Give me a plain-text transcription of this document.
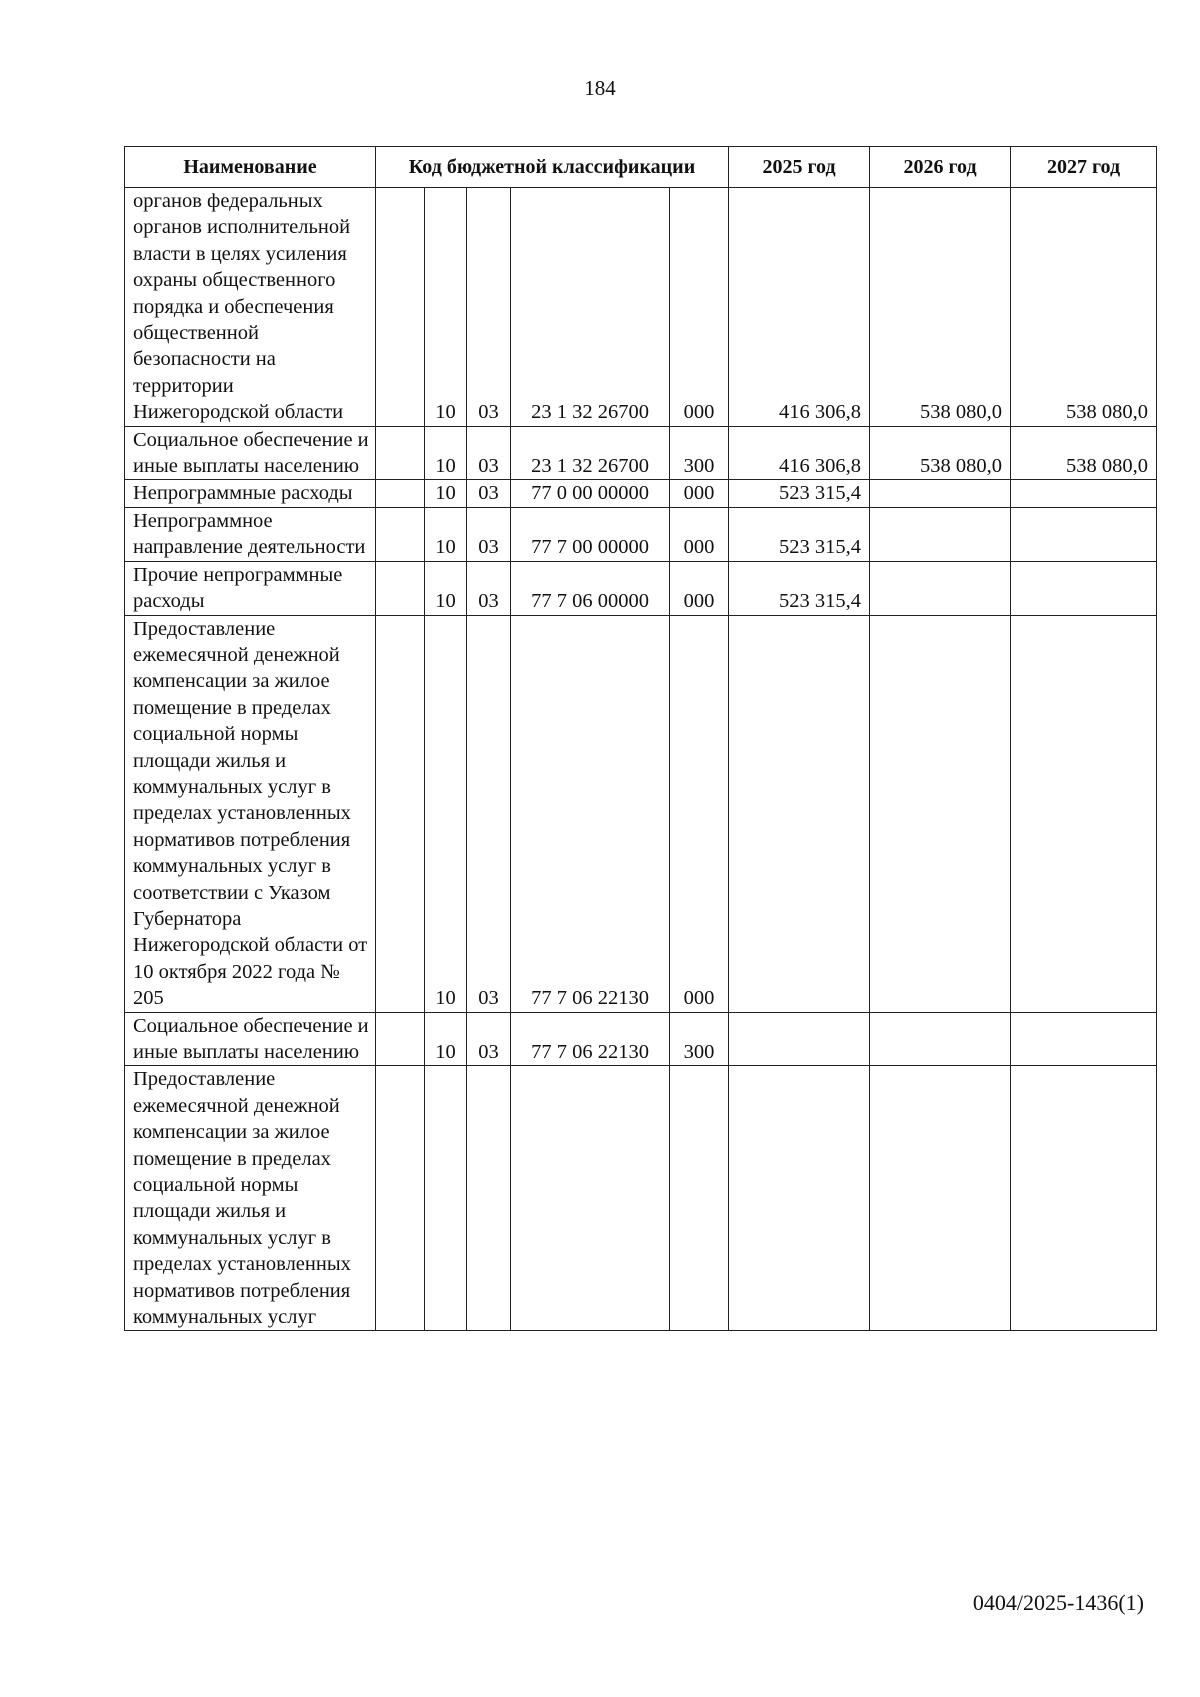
184
Наименование	Код бюджетной классификации					2025 год	2026 год	2027 год
органов федеральных органов исполнительной власти в целях усиления охраны общественного порядка и обеспечения общественной безопасности на территории Нижегородской области		10	03	23 1 32 26700	000	416 306,8	538 080,0	538 080,0
Социальное обеспечение и иные выплаты населению		10	03	23 1 32 26700	300	416 306,8	538 080,0	538 080,0
Непрограммные расходы		10	03	77 0 00 00000	000	523 315,4		
Непрограммное направление деятельности		10	03	77 7 00 00000	000	523 315,4		
Прочие непрограммные расходы		10	03	77 7 06 00000	000	523 315,4		
Предоставление ежемесячной денежной компенсации за жилое помещение в пределах социальной нормы площади жилья и коммунальных услуг в пределах установленных нормативов потребления коммунальных услуг в соответствии с Указом Губернатора Нижегородской области от 10 октября 2022 года № 205		10	03	77 7 06 22130	000			
Социальное обеспечение и иные выплаты населению		10	03	77 7 06 22130	300			
Предоставление ежемесячной денежной компенсации за жилое помещение в пределах социальной нормы площади жилья и коммунальных услуг в пределах установленных нормативов потребления коммунальных услуг								
0404/2025-1436(1)
